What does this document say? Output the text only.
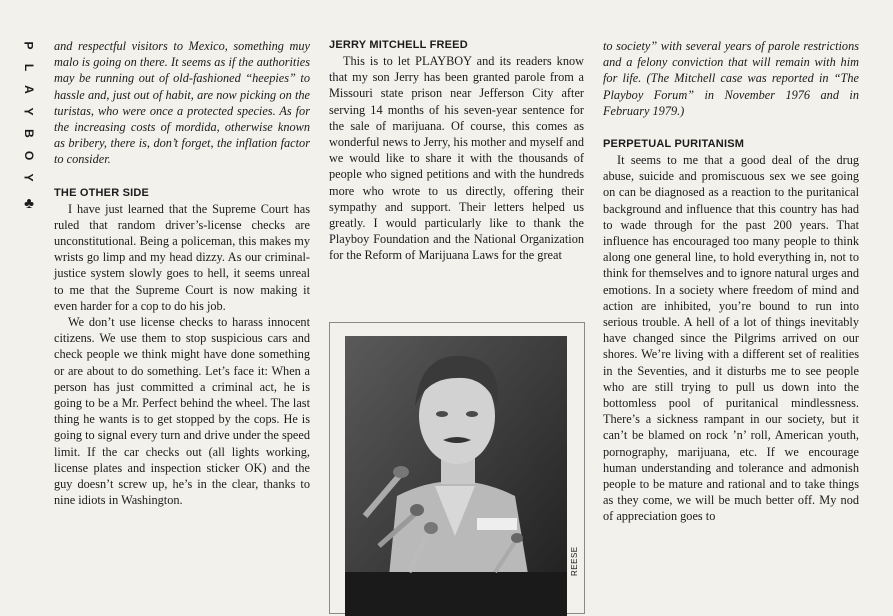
P
L
A
Y
B
O
Y
♣

and respectful visitors to Mexico, something muy malo is going on there. It seems as if the authorities may be running out of old-fashioned “heepies” to hassle and, just out of habit, are now picking on the turistas, who were once a protected species. As for the increasing costs of mordida, otherwise known as bribery, there is, don’t forget, the inflation factor to consider.

THE OTHER SIDE

I have just learned that the Supreme Court has ruled that random driver’s-license checks are unconstitutional. Being a policeman, this makes my wrists go limp and my head dizzy. As our criminal-justice system slowly goes to hell, it seems unreal to me that the Supreme Court is now making it even harder for a cop to do his job.

We don’t use license checks to harass innocent citizens. We use them to stop suspicious cars and check people we think might have done something or are about to do something. Let’s face it: When a person has just committed a criminal act, he is going to be a Mr. Perfect behind the wheel. The last thing he wants is to get stopped by the cops. He is going to signal every turn and drive under the speed limit. If the car checks out (all lights working, license plates and inspection sticker OK) and the guy doesn’t screw up, he’s in the clear, thanks to nine idiots in Washington.

JERRY MITCHELL FREED

This is to let PLAYBOY and its readers know that my son Jerry has been granted parole from a Missouri state prison near Jefferson City after serving 14 months of his seven-year sentence for the sale of marijuana. Of course, this comes as wonderful news to Jerry, his mother and myself and we would like to share it with the thousands of people who signed petitions and with the hundreds more who wrote to us directly, offering their sympathy and support. Their letters helped us greatly. I would particularly like to thank the Playboy Foundation and the National Organization for the Reform of Marijuana Laws for the great

REESE

to society” with several years of parole restrictions and a felony conviction that will remain with him for life. (The Mitchell case was reported in “The Playboy Forum” in November 1976 and in February 1979.)

PERPETUAL PURITANISM

It seems to me that a good deal of the drug abuse, suicide and promiscuous sex we see going on can be diagnosed as a reaction to the puritanical background and influence that this country has had to wade through for the past 200 years. That influence has encouraged too many people to think along one general line, to hold everything in, not to think for themselves and to ignore natural urges and emotions. In a society where freedom of mind and action are inhibited, you’re bound to run into serious trouble. A hell of a lot of things inevitably have changed since the Pilgrims arrived on our shores. We’re living with a different set of realities in the Seventies, and it disturbs me to see people who are still trying to pull us down into the bottomless pool of puritanical mindlessness. There’s a sickness rampant in our society, but it can’t be blamed on rock ’n’ roll, American youth, pornography, marijuana, etc. If we encourage human understanding and tolerance and admonish people to be mature and rational and to take things as they come, we will be much better off. My nod of appreciation goes to
